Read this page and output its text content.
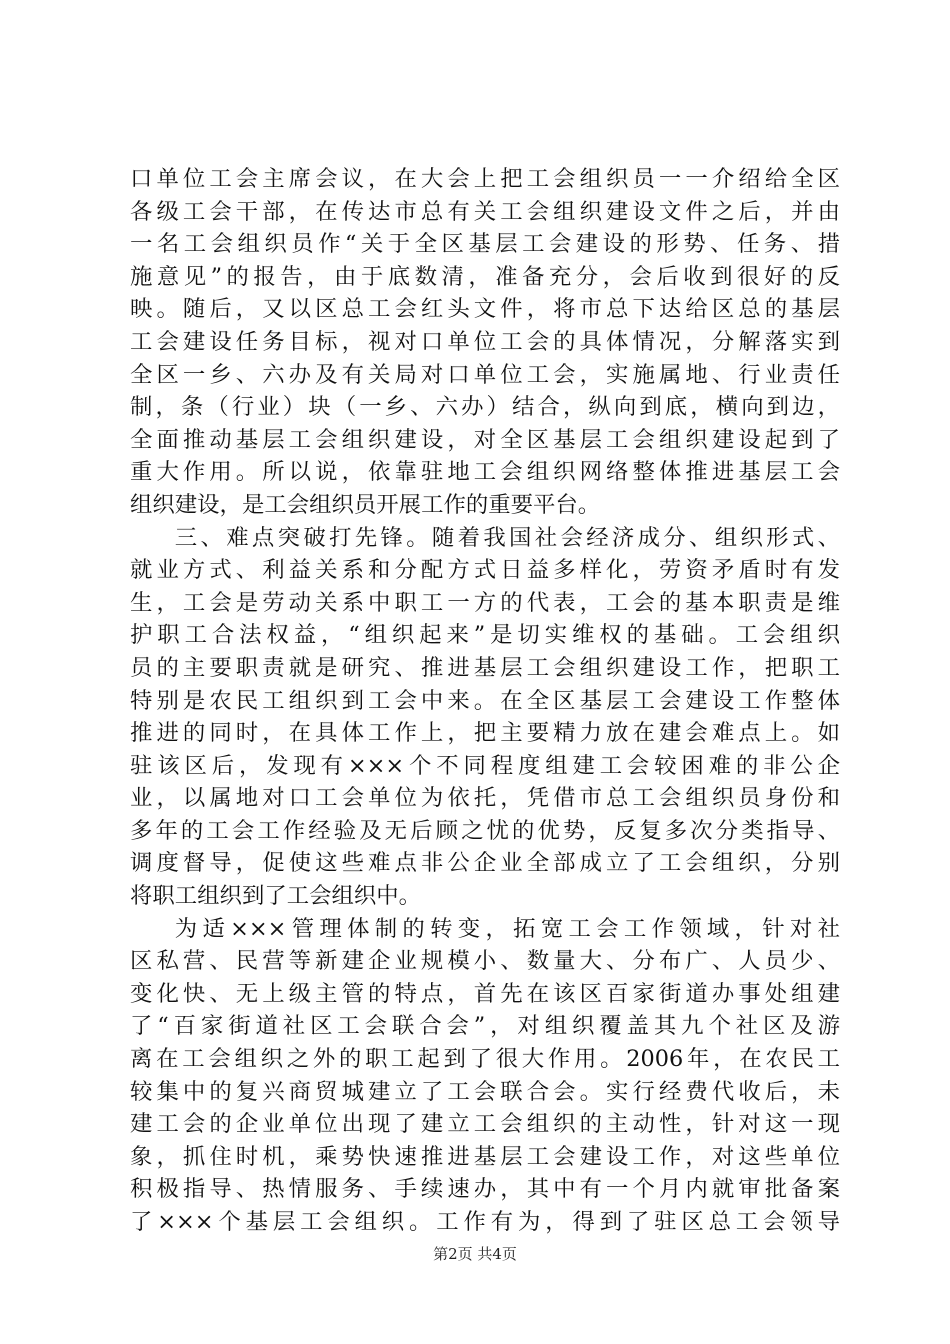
口单位工会主席会议，在大会上把工会组织员一一介绍给全区
各级工会干部，在传达市总有关工会组织建设文件之后，并由
一名工会组织员作“关于全区基层工会建设的形势、任务、措
施意见”的报告，由于底数清，准备充分，会后收到很好的反
映。随后，又以区总工会红头文件，将市总下达给区总的基层
工会建设任务目标，视对口单位工会的具体情况，分解落实到
全区一乡、六办及有关局对口单位工会，实施属地、行业责任
制，条（行业）块（一乡、六办）结合，纵向到底，横向到边，
全面推动基层工会组织建设，对全区基层工会组织建设起到了
重大作用。所以说，依靠驻地工会组织网络整体推进基层工会
组织建设，是工会组织员开展工作的重要平台。
三、难点突破打先锋。随着我国社会经济成分、组织形式、
就业方式、利益关系和分配方式日益多样化，劳资矛盾时有发
生，工会是劳动关系中职工一方的代表，工会的基本职责是维
护职工合法权益，“组织起来”是切实维权的基础。工会组织
员的主要职责就是研究、推进基层工会组织建设工作，把职工
特别是农民工组织到工会中来。在全区基层工会建设工作整体
推进的同时，在具体工作上，把主要精力放在建会难点上。如
驻该区后，发现有×××个不同程度组建工会较困难的非公企
业，以属地对口工会单位为依托，凭借市总工会组织员身份和
多年的工会工作经验及无后顾之忧的优势，反复多次分类指导、
调度督导，促使这些难点非公企业全部成立了工会组织，分别
将职工组织到了工会组织中。
为适×××管理体制的转变，拓宽工会工作领域，针对社
区私营、民营等新建企业规模小、数量大、分布广、人员少、
变化快、无上级主管的特点，首先在该区百家街道办事处组建
了“百家街道社区工会联合会”，对组织覆盖其九个社区及游
离在工会组织之外的职工起到了很大作用。2006年，在农民工
较集中的复兴商贸城建立了工会联合会。实行经费代收后，未
建工会的企业单位出现了建立工会组织的主动性，针对这一现
象，抓住时机，乘势快速推进基层工会建设工作，对这些单位
积极指导、热情服务、手续速办，其中有一个月内就审批备案
了×××个基层工会组织。工作有为，得到了驻区总工会领导
第2页 共4页
